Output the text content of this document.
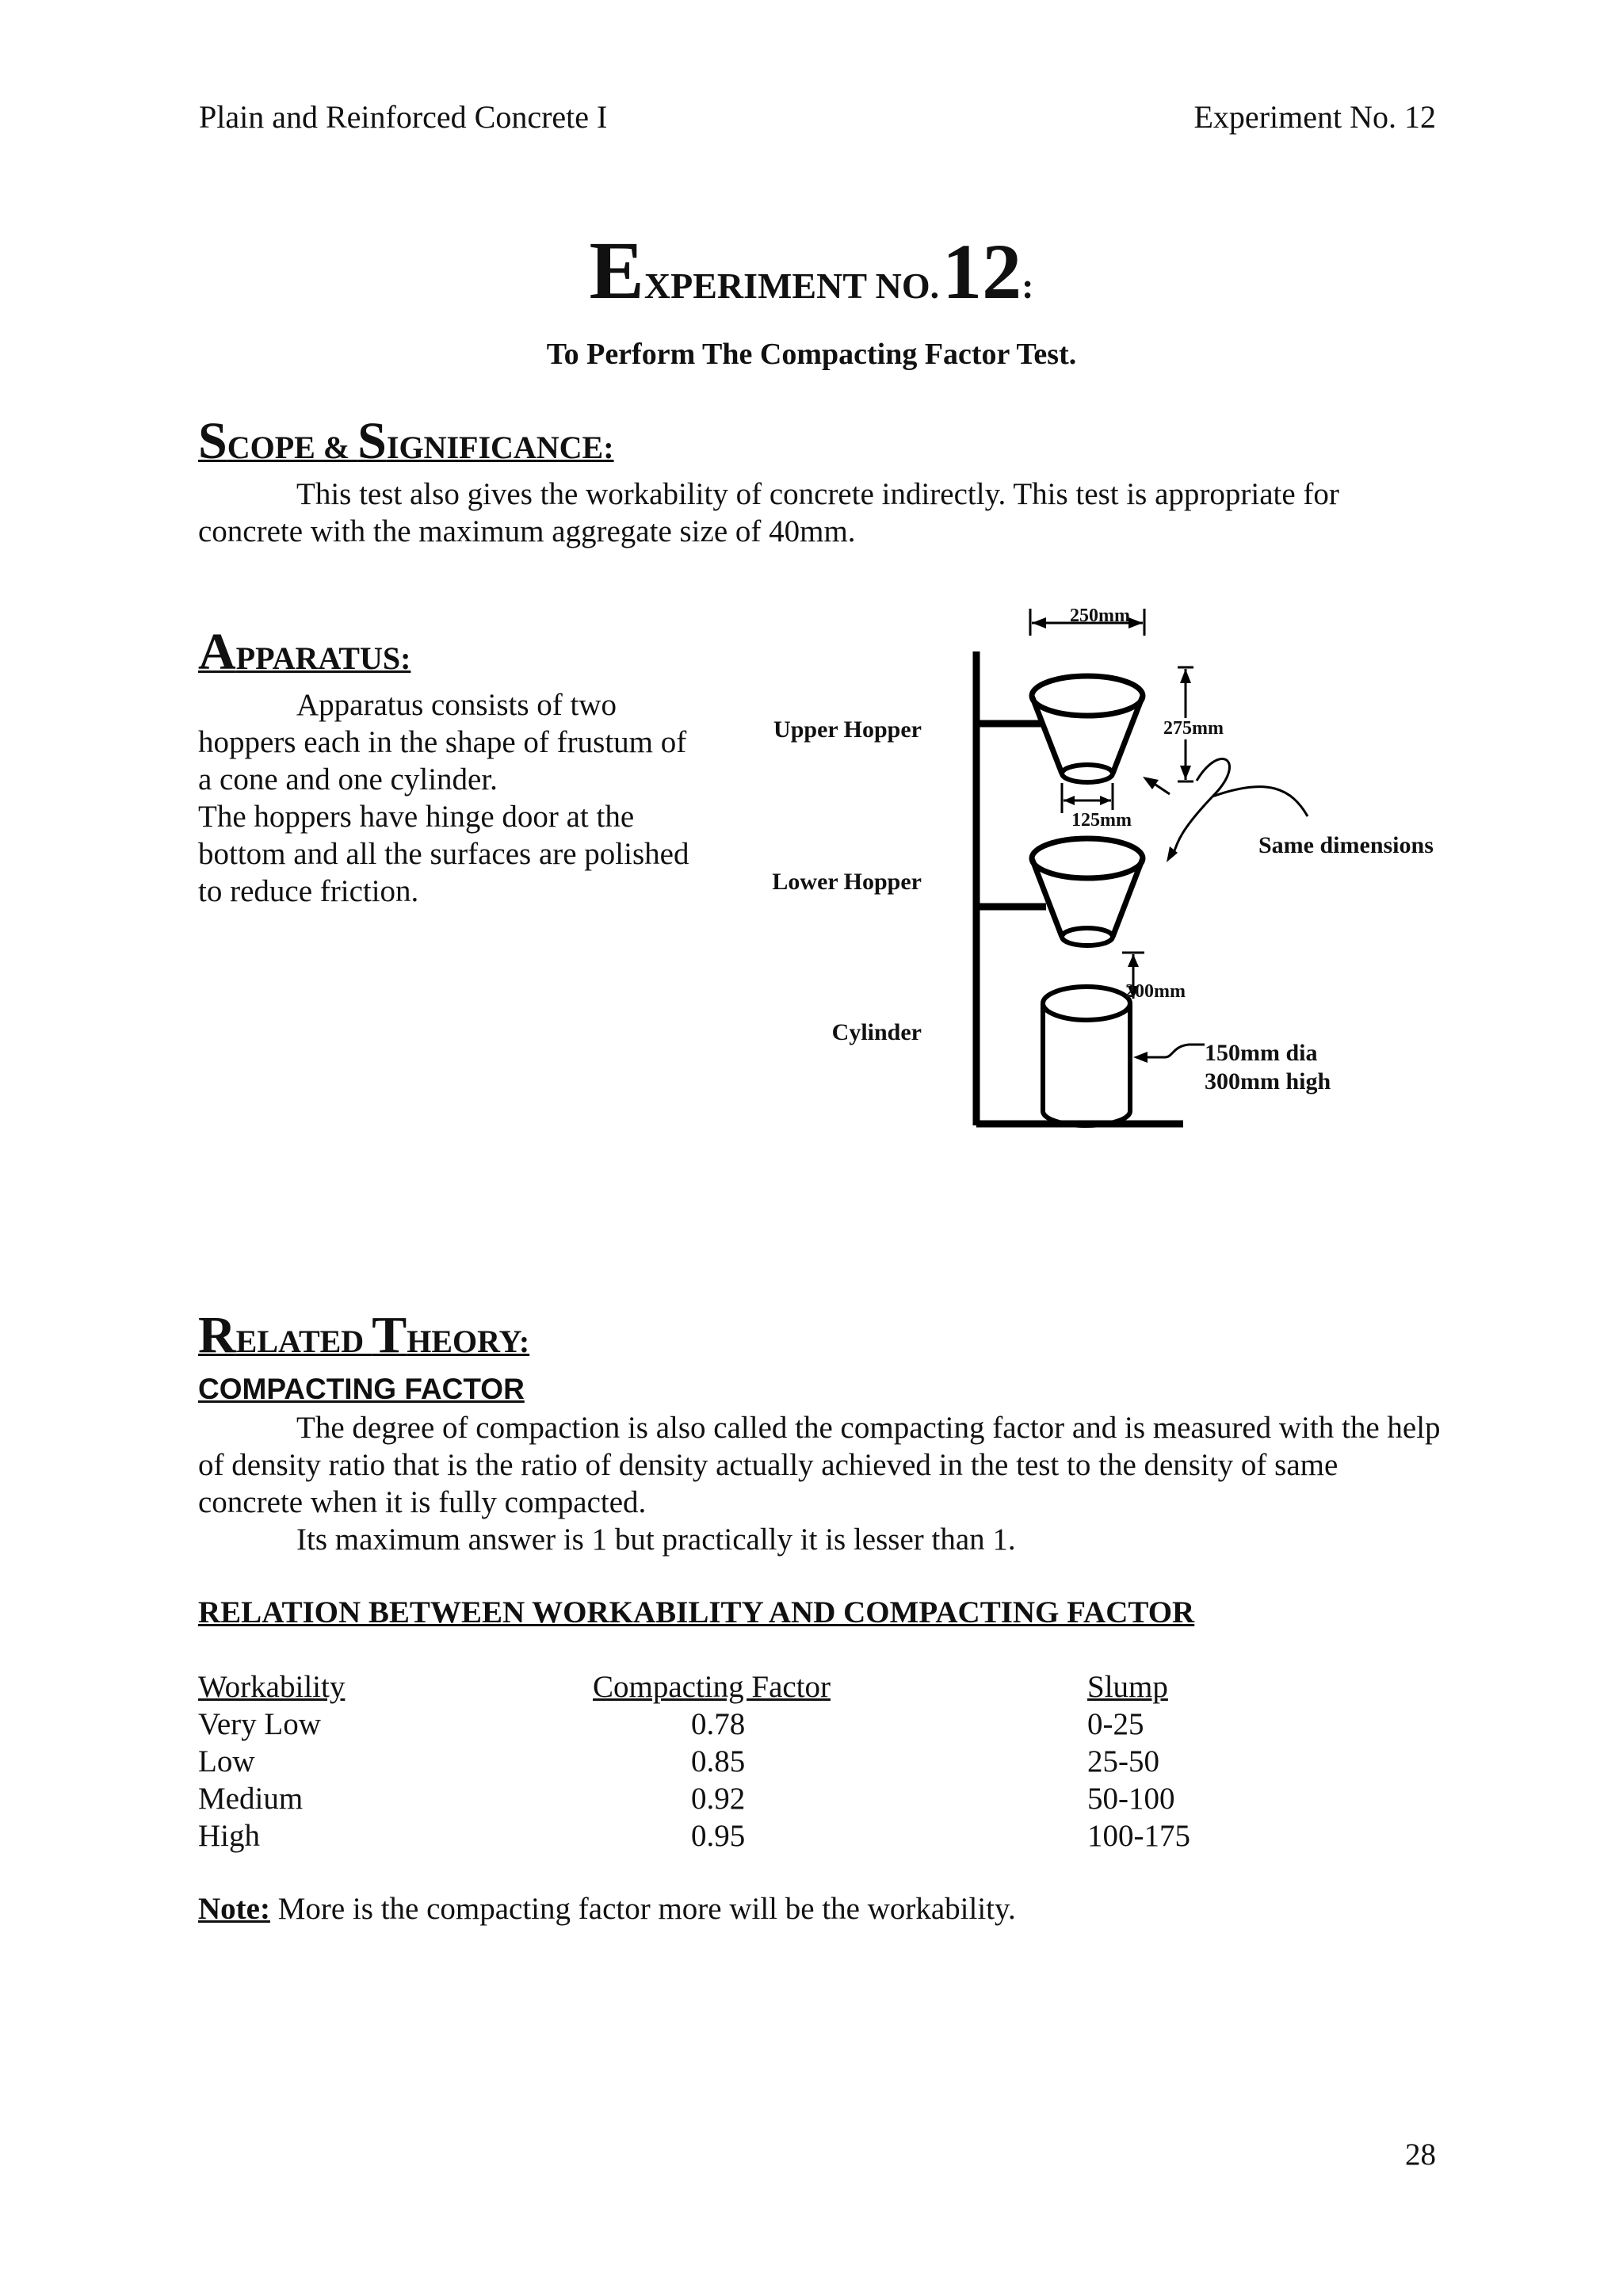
Plain and Reinforced Concrete I	Experiment No. 12
EXPERIMENT NO. 12:
To Perform The Compacting Factor Test.
SCOPE & SIGNIFICANCE:
This test also gives the workability of concrete indirectly. This test is appropriate for concrete with the maximum aggregate size of 40mm.
APPARATUS:
Apparatus consists of two hoppers each in the shape of frustum of a cone and one cylinder.
The hoppers have hinge door at the bottom and all the surfaces are polished to reduce friction.
Upper Hopper
Lower Hopper
Cylinder
250mm
275mm
125mm
200mm
Same dimensions
150mm dia
300mm high
RELATED THEORY:
COMPACTING FACTOR
The degree of compaction is also called the compacting factor and is measured with the help of density ratio that is the ratio of density actually achieved in the test to the density of same concrete when it is fully compacted.
Its maximum answer is 1 but practically it is lesser than 1.
RELATION BETWEEN WORKABILITY AND COMPACTING FACTOR
Workability	Compacting Factor	Slump
Very Low	0.78	0-25
Low	0.85	25-50
Medium	0.92	50-100
High	0.95	100-175
Note: More is the compacting factor more will be the workability.
28
